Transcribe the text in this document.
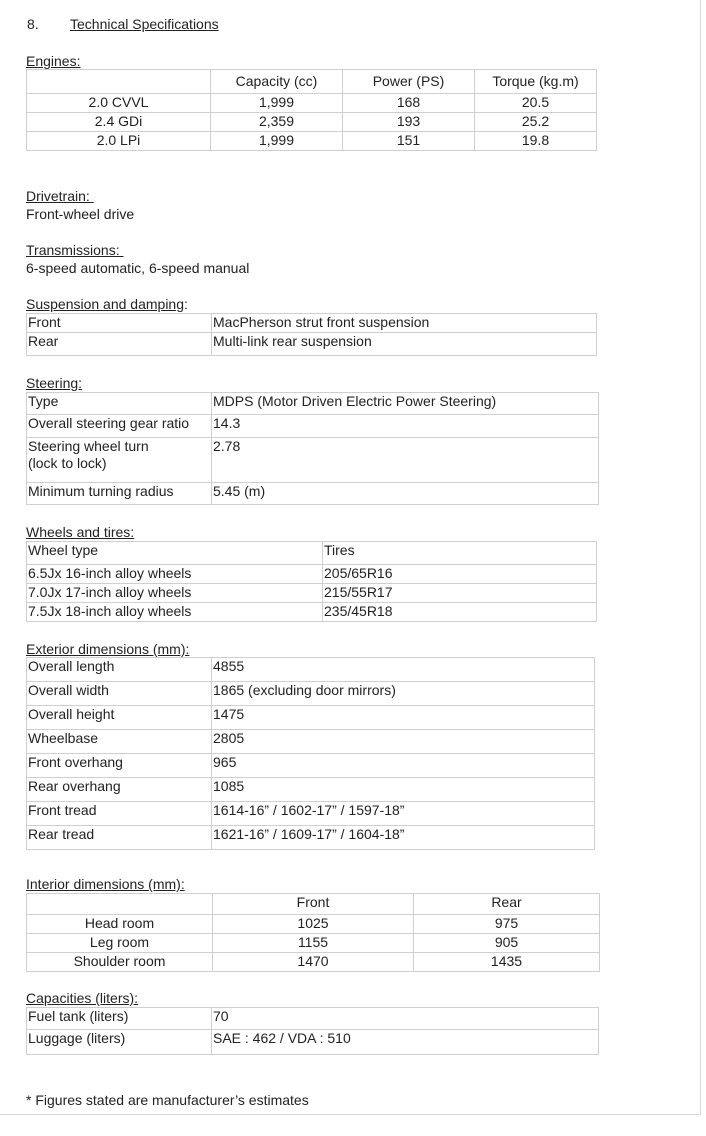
8. Technical Specifications
Engines:
	Capacity (cc)	Power (PS)	Torque (kg.m)
2.0 CVVL	1,999	168	20.5
2.4 GDi	2,359	193	25.2
2.0 LPi	1,999	151	19.8
Drivetrain:
Front-wheel drive
Transmissions:
6-speed automatic, 6-speed manual
Suspension and damping:
Front	MacPherson strut front suspension
Rear	Multi-link rear suspension
Steering:
Type	MDPS (Motor Driven Electric Power Steering)
Overall steering gear ratio	14.3

Steering wheel turn
(lock to lock)	2.78
Minimum turning radius	5.45 (m)
Wheels and tires:
Wheel type	Tires
6.5Jx 16-inch alloy wheels	205/65R16
7.0Jx 17-inch alloy wheels	215/55R17
7.5Jx 18-inch alloy wheels	235/45R18
Exterior dimensions (mm):
Overall length	4855
Overall width	1865 (excluding door mirrors)
Overall height	1475
Wheelbase	2805
Front overhang	965
Rear overhang	1085
Front tread	1614-16” / 1602-17” / 1597-18”
Rear tread	1621-16” / 1609-17” / 1604-18”
Interior dimensions (mm):
	Front	Rear
Head room	1025	975
Leg room	1155	905
Shoulder room	1470	1435
Capacities (liters):
Fuel tank (liters)	70
Luggage (liters)	SAE : 462 / VDA : 510
* Figures stated are manufacturer’s estimates
